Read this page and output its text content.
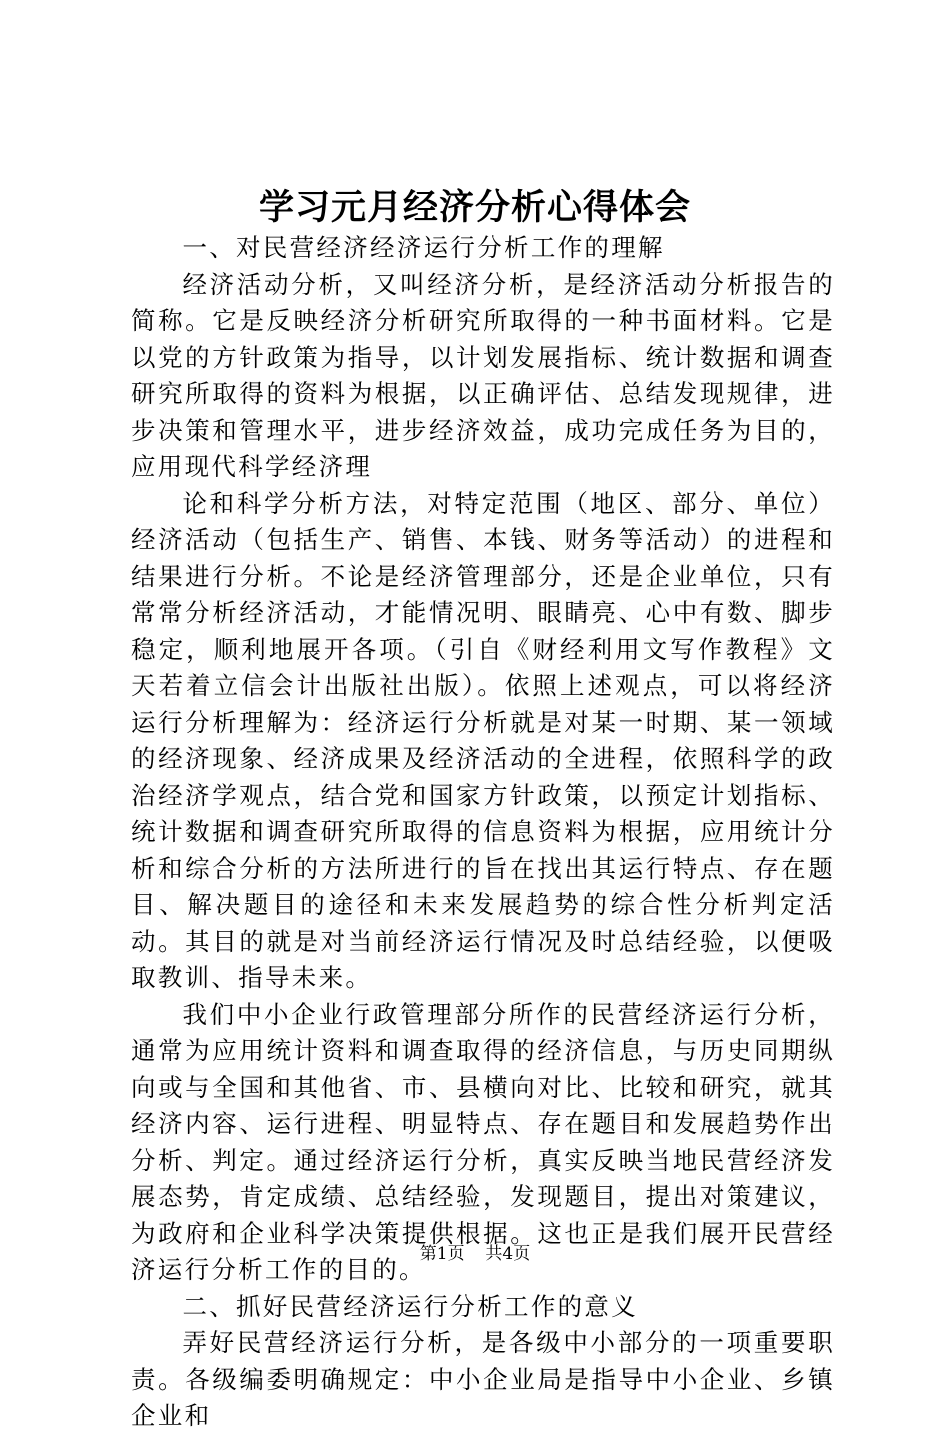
学习元月经济分析心得体会

一、对民营经济经济运行分析工作的理解

经济活动分析，又叫经济分析，是经济活动分析报告的简称。它是反映经济分析研究所取得的一种书面材料。它是以党的方针政策为指导，以计划发展指标、统计数据和调查研究所取得的资料为根据，以正确评估、总结发现规律，进步决策和管理水平，进步经济效益，成功完成任务为目的，应用现代科学经济理

论和科学分析方法，对特定范围（地区、部分、单位）经济活动（包括生产、销售、本钱、财务等活动）的进程和结果进行分析。不论是经济管理部分，还是企业单位，只有常常分析经济活动，才能情况明、眼睛亮、心中有数、脚步稳定，顺利地展开各项。（引自《财经利用文写作教程》文天若着立信会计出版社出版）。依照上述观点，可以将经济运行分析理解为：经济运行分析就是对某一时期、某一领域的经济现象、经济成果及经济活动的全进程，依照科学的政治经济学观点，结合党和国家方针政策，以预定计划指标、统计数据和调查研究所取得的信息资料为根据，应用统计分析和综合分析的方法所进行的旨在找出其运行特点、存在题目、解决题目的途径和未来发展趋势的综合性分析判定活动。其目的就是对当前经济运行情况及时总结经验，以便吸取教训、指导未来。

我们中小企业行政管理部分所作的民营经济运行分析，通常为应用统计资料和调查取得的经济信息，与历史同期纵向或与全国和其他省、市、县横向对比、比较和研究，就其经济内容、运行进程、明显特点、存在题目和发展趋势作出分析、判定。通过经济运行分析，真实反映当地民营经济发展态势，肯定成绩、总结经验，发现题目，提出对策建议，为政府和企业科学决策提供根据。这也正是我们展开民营经济运行分析工作的目的。

二、抓好民营经济运行分析工作的意义

弄好民营经济运行分析，是各级中小部分的一项重要职责。各级编委明确规定：中小企业局是指导中小企业、乡镇企业和

第1页 共4页
